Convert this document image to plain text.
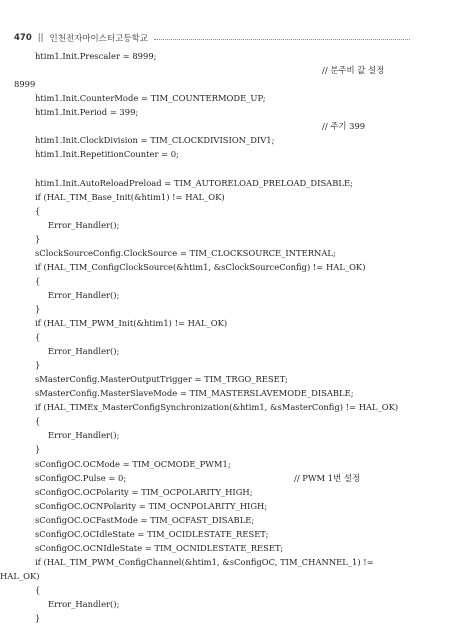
470 || 인천전자마이스터고등학교
htim1.Init.Prescaler = 8999;
// 분주비 값 설정
8999
htim1.Init.CounterMode = TIM_COUNTERMODE_UP;
htim1.Init.Period = 399;
// 주기 399
htim1.Init.ClockDivision = TIM_CLOCKDIVISION_DIV1;
htim1.Init.RepetitionCounter = 0;
htim1.Init.AutoReloadPreload = TIM_AUTORELOAD_PRELOAD_DISABLE;
if (HAL_TIM_Base_Init(&htim1) != HAL_OK)
{
Error_Handler();
}
sClockSourceConfig.ClockSource = TIM_CLOCKSOURCE_INTERNAL;
if (HAL_TIM_ConfigClockSource(&htim1, &sClockSourceConfig) != HAL_OK)
{
Error_Handler();
}
if (HAL_TIM_PWM_Init(&htim1) != HAL_OK)
{
Error_Handler();
}
sMasterConfig.MasterOutputTrigger = TIM_TRGO_RESET;
sMasterConfig.MasterSlaveMode = TIM_MASTERSLAVEMODE_DISABLE;
if (HAL_TIMEx_MasterConfigSynchronization(&htim1, &sMasterConfig) != HAL_OK)
{
Error_Handler();
}
sConfigOC.OCMode = TIM_OCMODE_PWM1;
// PWM 1번 설정
sConfigOC.Pulse = 0;
sConfigOC.OCPolarity = TIM_OCPOLARITY_HIGH;
sConfigOC.OCNPolarity = TIM_OCNPOLARITY_HIGH;
sConfigOC.OCFastMode = TIM_OCFAST_DISABLE;
sConfigOC.OCIdleState = TIM_OCIDLESTATE_RESET;
sConfigOC.OCNIdleState = TIM_OCNIDLESTATE_RESET;
if (HAL_TIM_PWM_ConfigChannel(&htim1, &sConfigOC, TIM_CHANNEL_1) !=
HAL_OK)
{
Error_Handler();
}
